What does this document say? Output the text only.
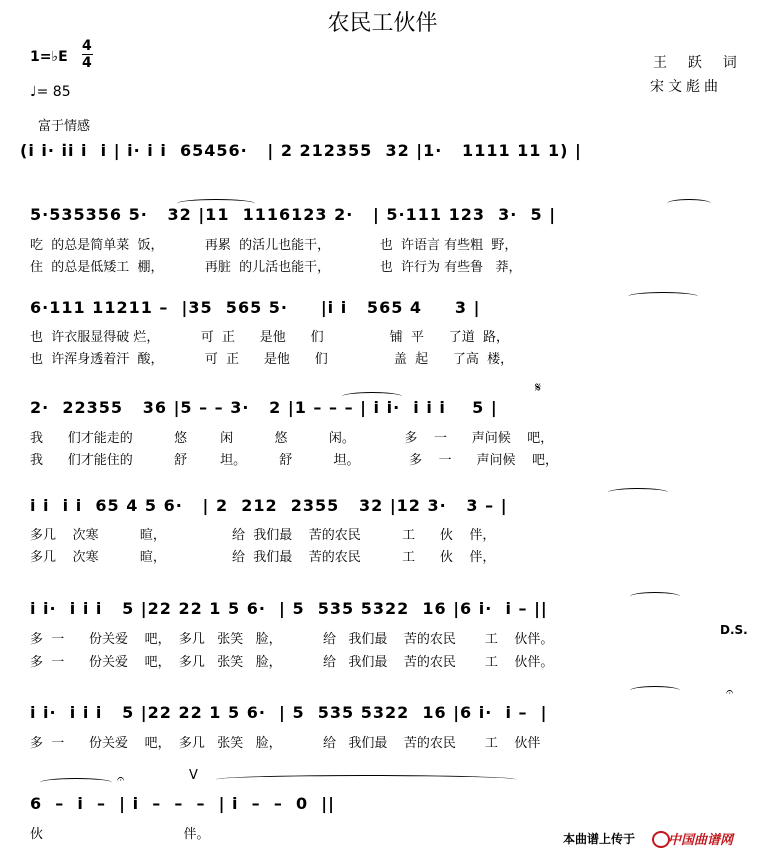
农民工伙伴
1=♭E
4
4
♩= 85
王  跃  词
宋文彪曲
富于情感
(i i· i̇i i  i | i· i i  65456·   | 2 212355  32 |1·   1111 11 1) |
5·535356 5·   32 |11  1116123 2·   | 5·111 123  3·  5 |
吃  的总是简单菜  饭，          再累  的活儿也能干，            也  许语言 有些粗  野，
住  的总是低矮工  棚，          再脏  的儿活也能干，            也  许行为 有些鲁   莽，
6·111 11211 –  |35  565 5·     |i i   565 4     3 |
也  许衣服显得破 烂，          可  正      是他      们                铺  平      了道  路，
也  许浑身透着汗  酸，          可  正      是他      们                盖  起      了高  楼，
𝄋
2·  22355   36 |5 – – 3·   2 |1 – – – | i i·  i i i    5 |
我      们才能走的          悠        闲          悠          闲。            多    一      声问候    吧，
我      们才能住的          舒        坦。        舒          坦。            多    一      声问候    吧，
i i  i i  65 4 5 6·   | 2  212  2355   32 |12 3·   3 – |
多几    次寒          暄，                给  我们最    苦的农民          工      伙    伴，
多几    次寒          暄，                给  我们最    苦的农民          工      伙    伴，
i i·  i i i   5 |22 22 1 5 6·  | 5  535 5322  16 |6 i·  i – ||
D.S.
多  一      份关爱    吧，  多几   张笑   脸，          给   我们最    苦的农民       工    伙伴。
多  一      份关爱    吧，  多几   张笑   脸，          给   我们最    苦的农民       工    伙伴。
𝄐
i i·  i i i   5 |22 22 1 5 6·  | 5  535 5322  16 |6 i·  i –  |
多  一      份关爱    吧，  多几   张笑   脸，          给   我们最    苦的农民       工    伙伴
𝄐	V
6  –  i  –  | i  –  –  –  | i  –  –  0  ||
伙                                  伴。	本曲谱上传于	中国曲谱网
